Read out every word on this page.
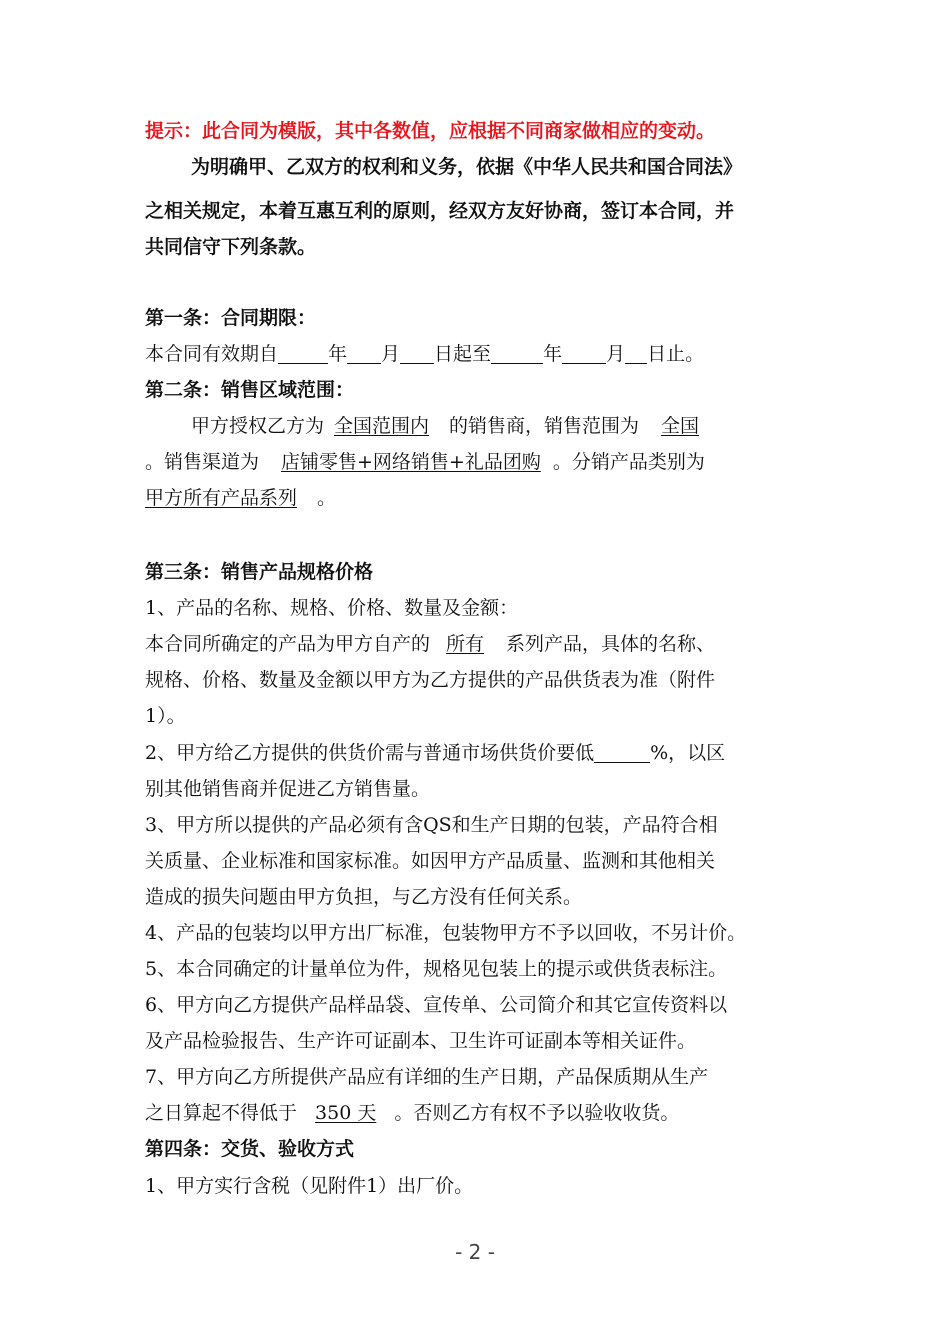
提示：此合同为模版，其中各数值，应根据不同商家做相应的变动。
为明确甲、乙双方的权利和义务，依据《中华人民共和国合同法》
之相关规定，本着互惠互利的原则，经双方友好协商，签订本合同，并
共同信守下列条款。
第一条：合同期限：
本合同有效期自	年 月 日起至	年 月 日止。
第二条：销售区域范围：
甲方授权乙方为 全国范围内 的销售商，销售范围为 全国
。销售渠道为 店铺零售+网络销售+礼品团购 。分销产品类别为
甲方所有产品系列 。
第三条：销售产品规格价格
1、产品的名称、规格、价格、数量及金额：
本合同所确定的产品为甲方自产的 所有 系列产品，具体的名称、
规格、价格、数量及金额以甲方为乙方提供的产品供货表为准（附件
1）。
2、甲方给乙方提供的供货价需与普通市场供货价要低	%，以区
别其他销售商并促进乙方销售量。
3、甲方所以提供的产品必须有含QS和生产日期的包装，产品符合相
关质量、企业标准和国家标准。如因甲方产品质量、监测和其他相关
造成的损失问题由甲方负担，与乙方没有任何关系。
4、产品的包装均以甲方出厂标准，包装物甲方不予以回收，不另计价。
5、本合同确定的计量单位为件，规格见包装上的提示或供货表标注。
6、甲方向乙方提供产品样品袋、宣传单、公司简介和其它宣传资料以
及产品检验报告、生产许可证副本、卫生许可证副本等相关证件。
7、甲方向乙方所提供产品应有详细的生产日期，产品保质期从生产
之日算起不得低于 350 天 。否则乙方有权不予以验收收货。
第四条：交货、验收方式
1、甲方实行含税（见附件1）出厂价。
- 2 -
